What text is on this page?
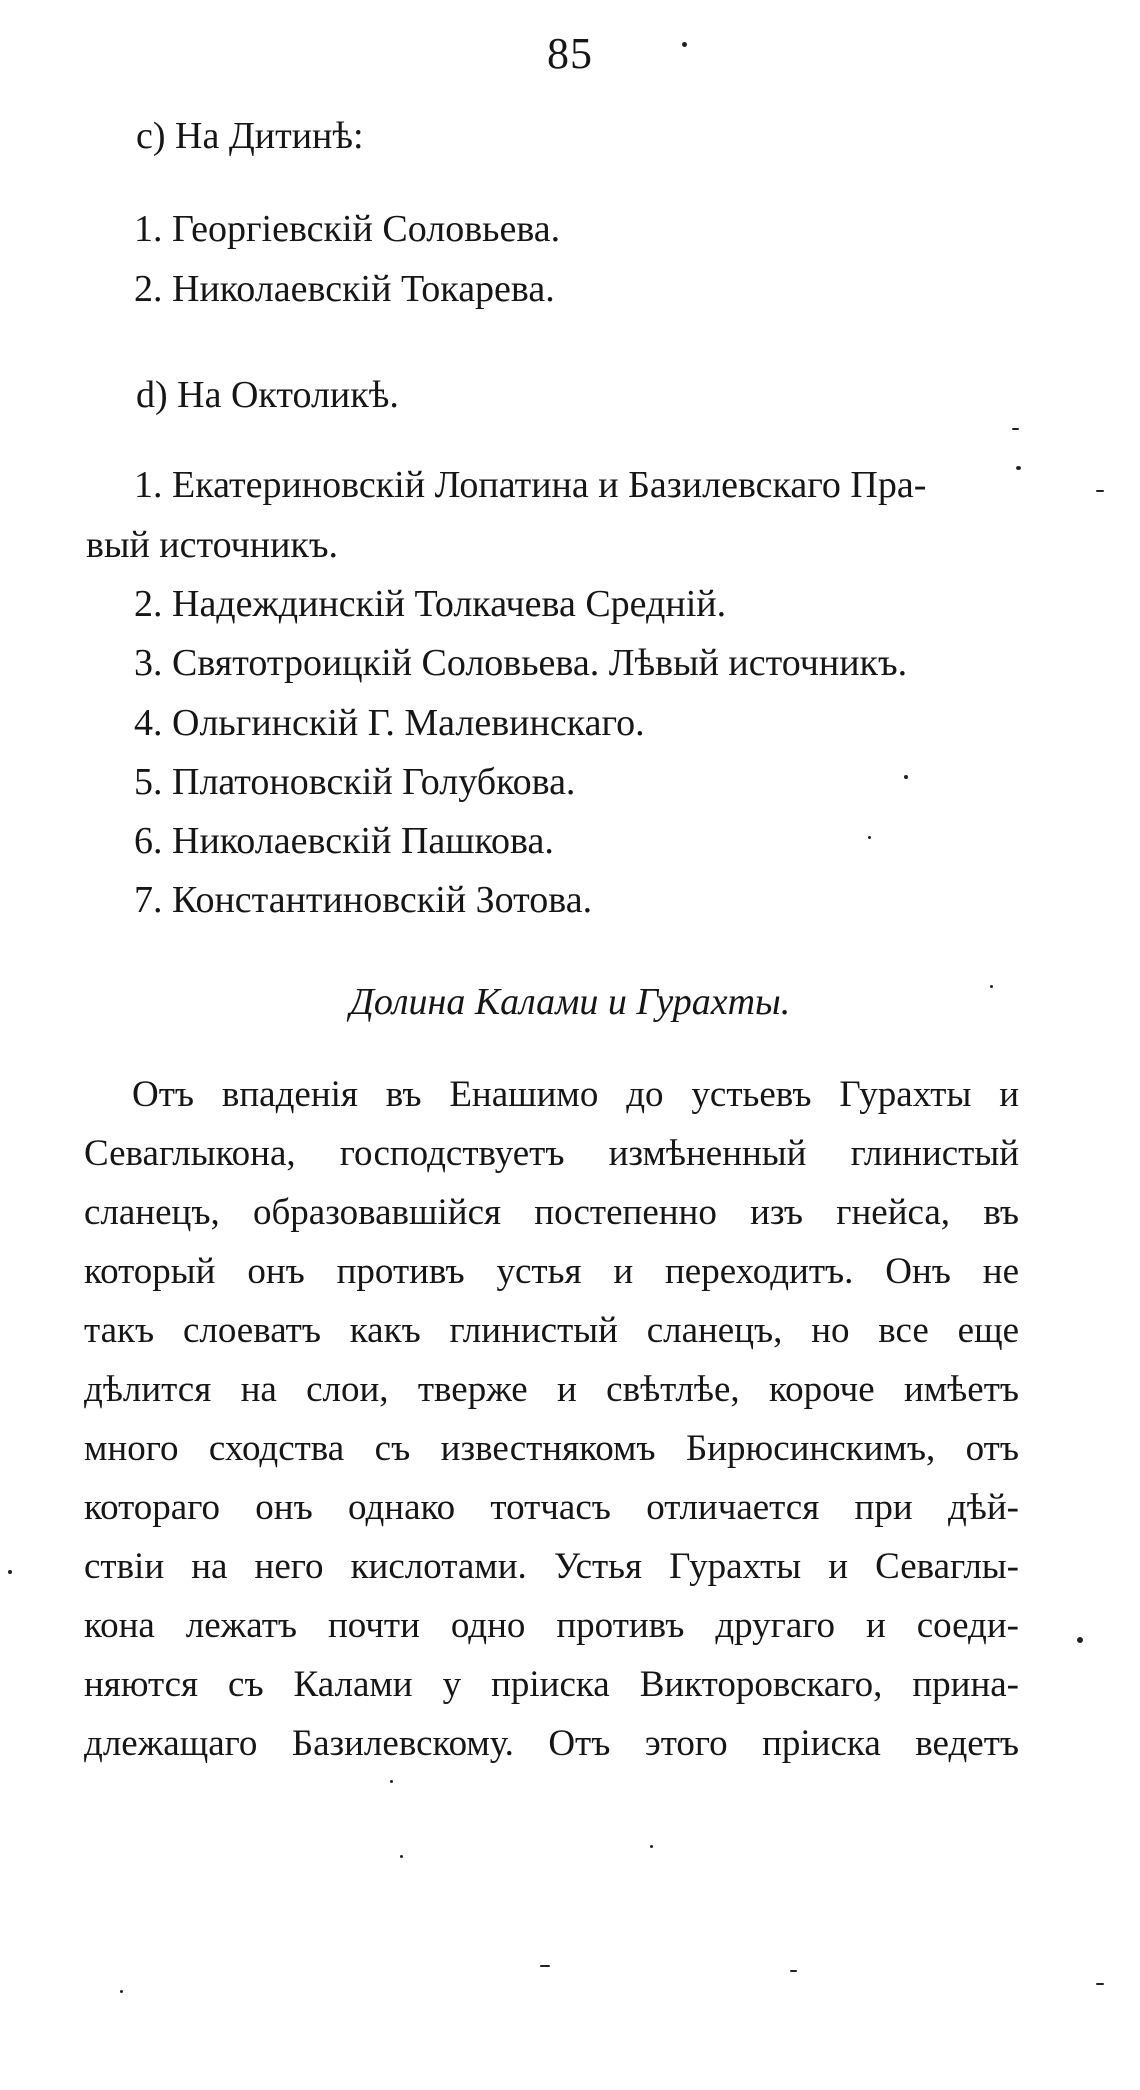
85
c) На Дитинѣ:
1. Георгіевскій Соловьева.
2. Николаевскій Токарева.
d) На Октоликѣ.
1. Екатериновскій Лопатина и Базилевскаго Пра-
вый источникъ.
2. Надеждинскій Толкачева Средній.
3. Святотроицкій Соловьева. Лѣвый источникъ.
4. Ольгинскій Г. Малевинскаго.
5. Платоновскій Голубкова.
6. Николаевскій Пашкова.
7. Константиновскій Зотова.
Долина Калами и Гурахты.
Отъ впаденія въ Енашимо до устьевъ Гурахты и
Севаглыкона, господствуетъ измѣненный глинистый
сланецъ, образовавшійся постепенно изъ гнейса, въ
который онъ противъ устья и переходитъ. Онъ не
такъ слоеватъ какъ глинистый сланецъ, но все еще
дѣлится на слои, тверже и свѣтлѣе, короче имѣетъ
много сходства съ известнякомъ Бирюсинскимъ, отъ
котораго онъ однако тотчасъ отличается при дѣй-
ствіи на него кислотами. Устья Гурахты и Севаглы-
кона лежатъ почти одно противъ другаго и соеди-
няются съ Калами у пріиска Викторовскаго, прина-
длежащаго Базилевскому. Отъ этого пріиска ведетъ
